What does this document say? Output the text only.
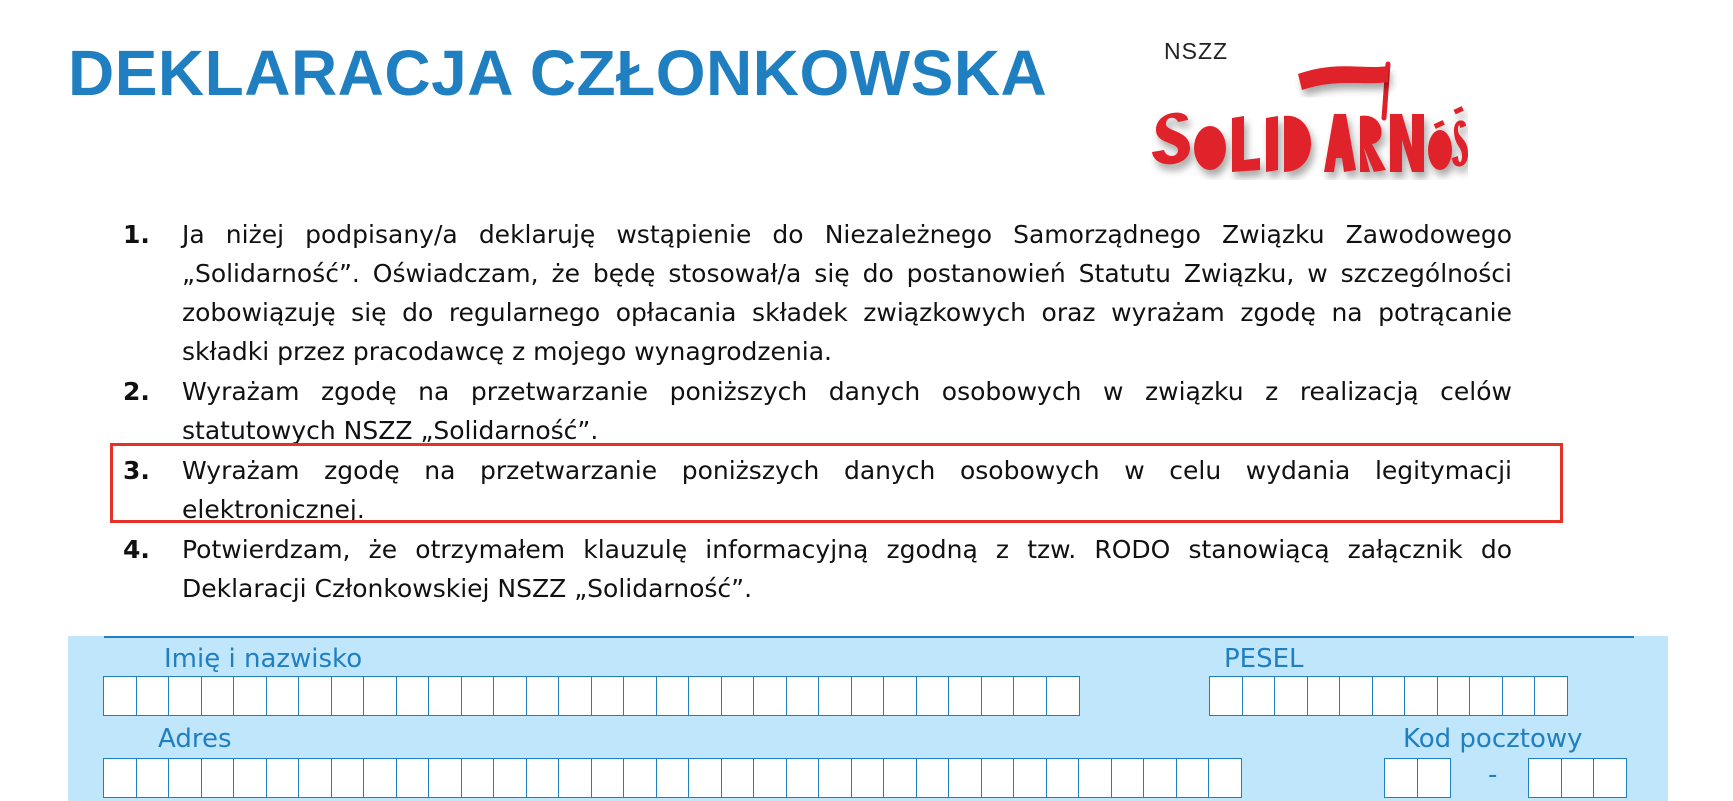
DEKLARACJA CZŁONKOWSKA	NSZZ
1. Ja niżej podpisany/a deklaruję wstąpienie do Niezależnego Samorządnego Związku Zawodowego „Solidarność”. Oświadczam, że będę stosował/a się do postanowień Statutu Związku, w szczególności zobowiązuję się do regularnego opłacania składek związkowych oraz wyrażam zgodę na potrącanie składki przez pracodawcę z mojego wynagrodzenia.
2. Wyrażam zgodę na przetwarzanie poniższych danych osobowych w związku z realizacją celów statutowych NSZZ „Solidarność”.
3. Wyrażam zgodę na przetwarzanie poniższych danych osobowych w celu wydania legitymacji elektronicznej.
4. Potwierdzam, że otrzymałem klauzulę informacyjną zgodną z tzw. RODO stanowiącą załącznik do Deklaracji Członkowskiej NSZZ „Solidarność”.
Imię i nazwisko	PESEL
Adres	Kod pocztowy
-
